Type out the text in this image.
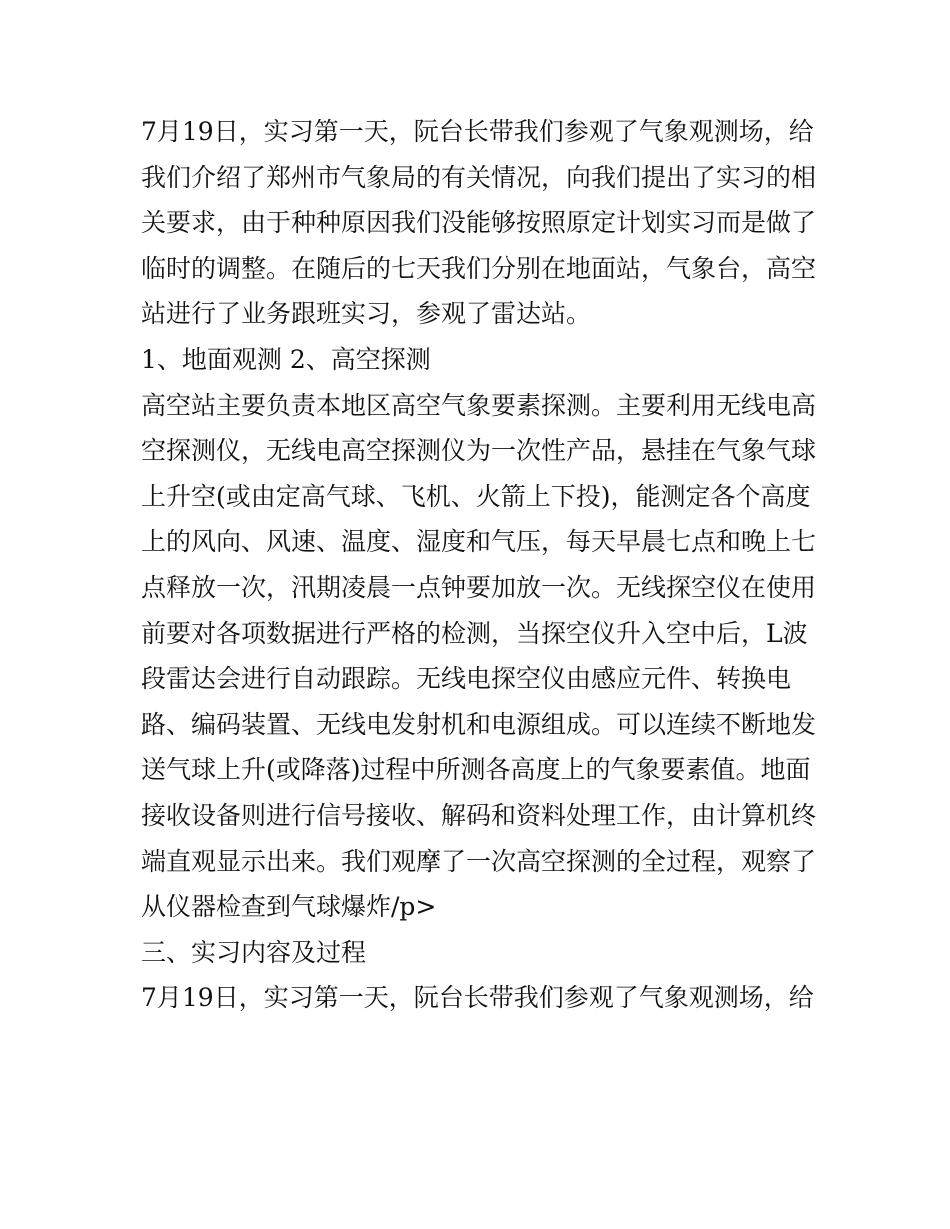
7月19日，实习第一天，阮台长带我们参观了气象观测场，给
我们介绍了郑州市气象局的有关情况，向我们提出了实习的相
关要求，由于种种原因我们没能够按照原定计划实习而是做了
临时的调整。在随后的七天我们分别在地面站，气象台，高空
站进行了业务跟班实习，参观了雷达站。
1、地面观测 2、高空探测
高空站主要负责本地区高空气象要素探测。主要利用无线电高
空探测仪，无线电高空探测仪为一次性产品，悬挂在气象气球
上升空(或由定高气球、飞机、火箭上下投)，能测定各个高度
上的风向、风速、温度、湿度和气压，每天早晨七点和晚上七
点释放一次，汛期凌晨一点钟要加放一次。无线探空仪在使用
前要对各项数据进行严格的检测，当探空仪升入空中后，L波
段雷达会进行自动跟踪。无线电探空仪由感应元件、转换电
路、编码装置、无线电发射机和电源组成。可以连续不断地发
送气球上升(或降落)过程中所测各高度上的气象要素值。地面
接收设备则进行信号接收、解码和资料处理工作，由计算机终
端直观显示出来。我们观摩了一次高空探测的全过程，观察了
从仪器检查到气球爆炸/p>
三、实习内容及过程
7月19日，实习第一天，阮台长带我们参观了气象观测场，给
